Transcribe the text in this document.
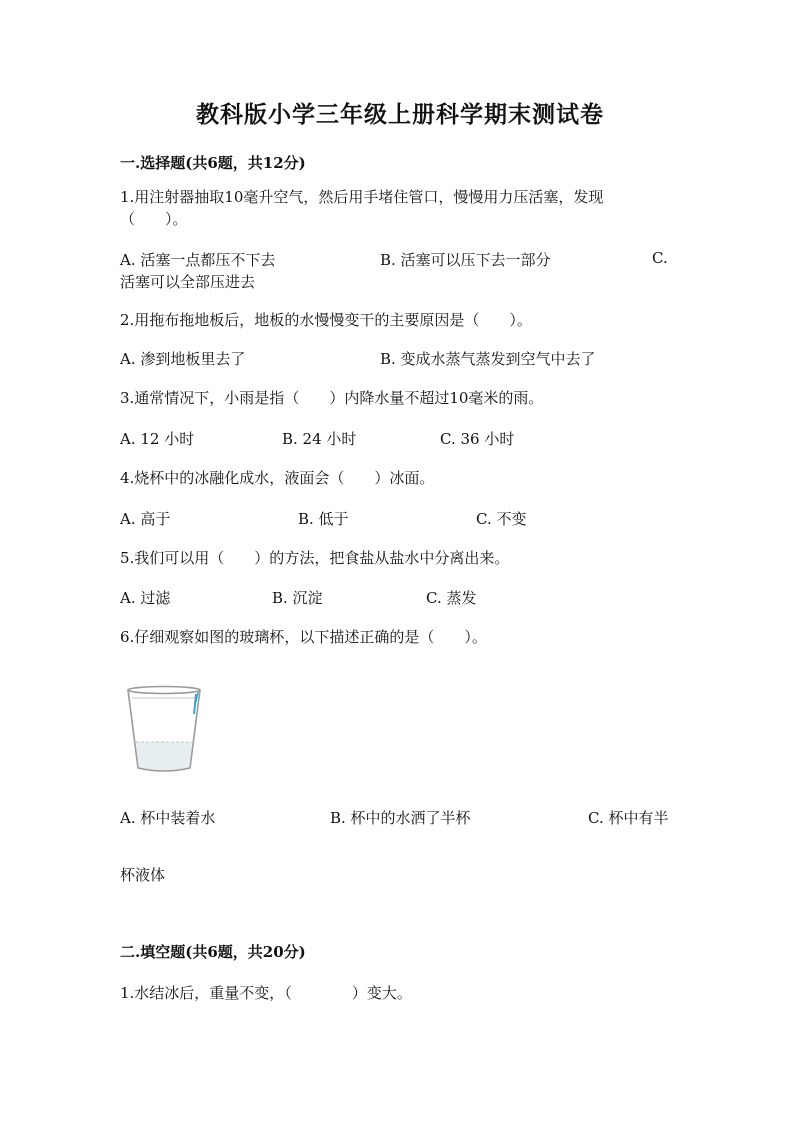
教科版小学三年级上册科学期末测试卷
一.选择题(共6题，共12分)
1.用注射器抽取10毫升空气，然后用手堵住管口，慢慢用力压活塞，发现
（　　）。
A. 活塞一点都压不下去	B. 活塞可以压下去一部分	C.
活塞可以全部压进去
2.用拖布拖地板后，地板的水慢慢变干的主要原因是（　　）。
A. 渗到地板里去了	B. 变成水蒸气蒸发到空气中去了
3.通常情况下，小雨是指（　　）内降水量不超过10毫米的雨。
A. 12 小时	B. 24 小时	C. 36 小时
4.烧杯中的冰融化成水，液面会（　　）冰面。
A. 高于	B. 低于	C. 不变
5.我们可以用（　　）的方法，把食盐从盐水中分离出来。
A. 过滤	B. 沉淀	C. 蒸发
6.仔细观察如图的玻璃杯，以下描述正确的是（　　）。
A. 杯中装着水	B. 杯中的水洒了半杯	C. 杯中有半
杯液体
二.填空题(共6题，共20分)
1.水结冰后，重量不变，（　　　　）变大。
